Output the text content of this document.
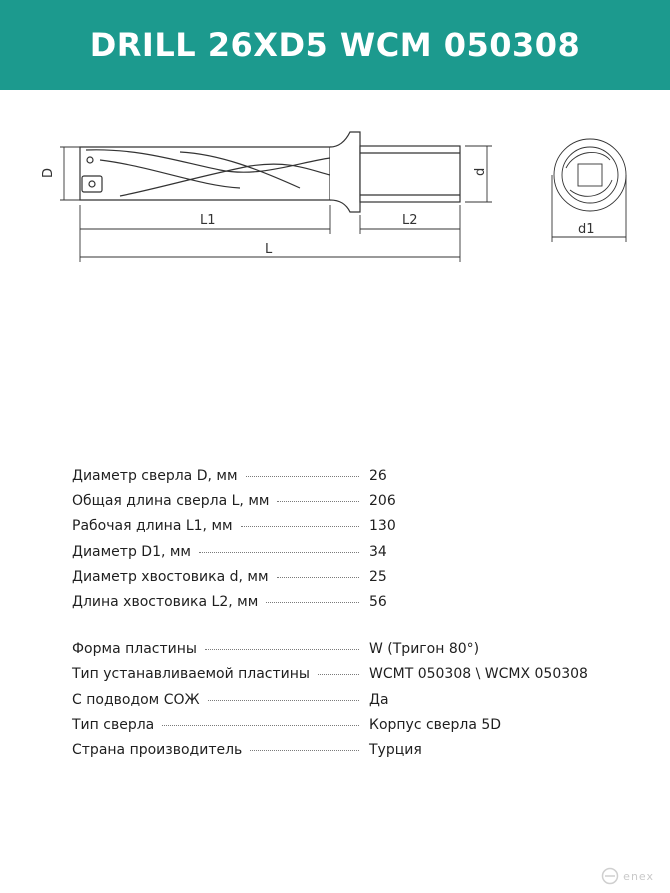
DRILL 26XD5 WCM 050308
D
L1	L2
L
d
d1
Диаметр сверла D, мм	26
Общая длина сверла L, мм	206
Рабочая длина L1, мм	130
Диаметр D1, мм	34
Диаметр хвостовика d, мм	25
Длина хвостовика L2, мм	56
Форма пластины	W (Тригон 80°)
Тип устанавливаемой пластины	WCMT 050308 \ WCMX 050308
С подводом СОЖ	Да
Тип сверла	Корпус сверла 5D
Страна производитель	Турция
enex
